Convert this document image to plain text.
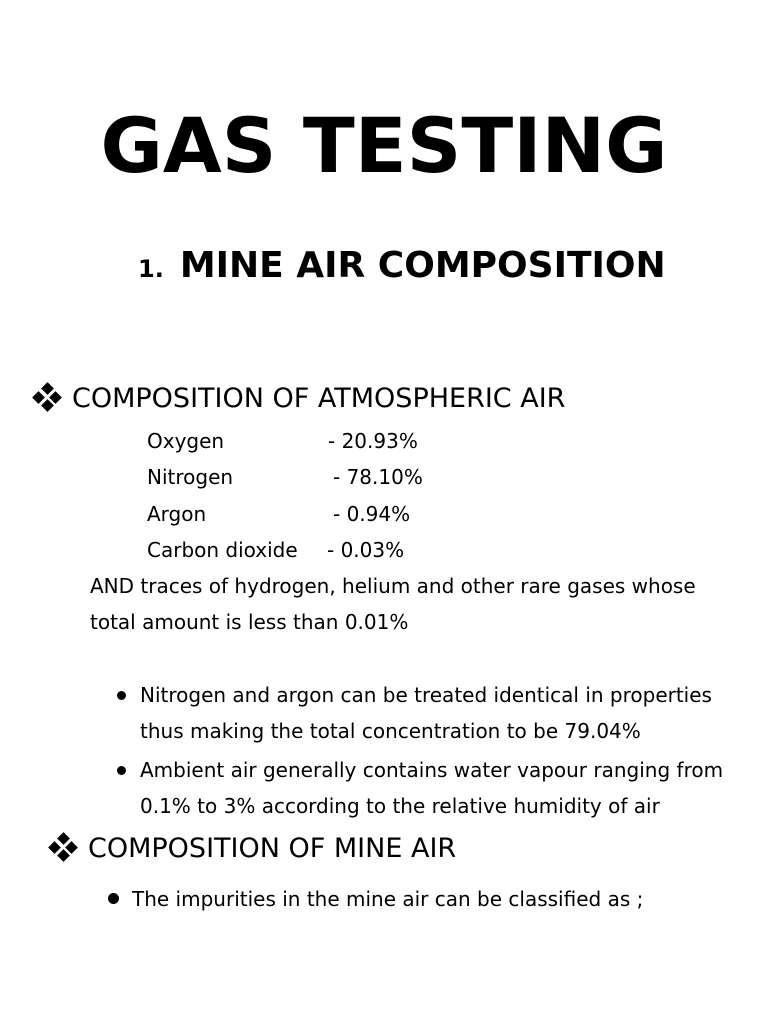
GAS TESTING
1. MINE AIR COMPOSITION
COMPOSITION OF ATMOSPHERIC AIR
Oxygen	- 20.93%
Nitrogen	- 78.10%
Argon	- 0.94%
Carbon dioxide - 0.03%
AND traces of hydrogen, helium and other rare gases whose
total amount is less than 0.01%
Nitrogen and argon can be treated identical in properties
thus making the total concentration to be 79.04%
Ambient air generally contains water vapour ranging from
0.1% to 3% according to the relative humidity of air
COMPOSITION OF MINE AIR
The impurities in the mine air can be classified as ;
